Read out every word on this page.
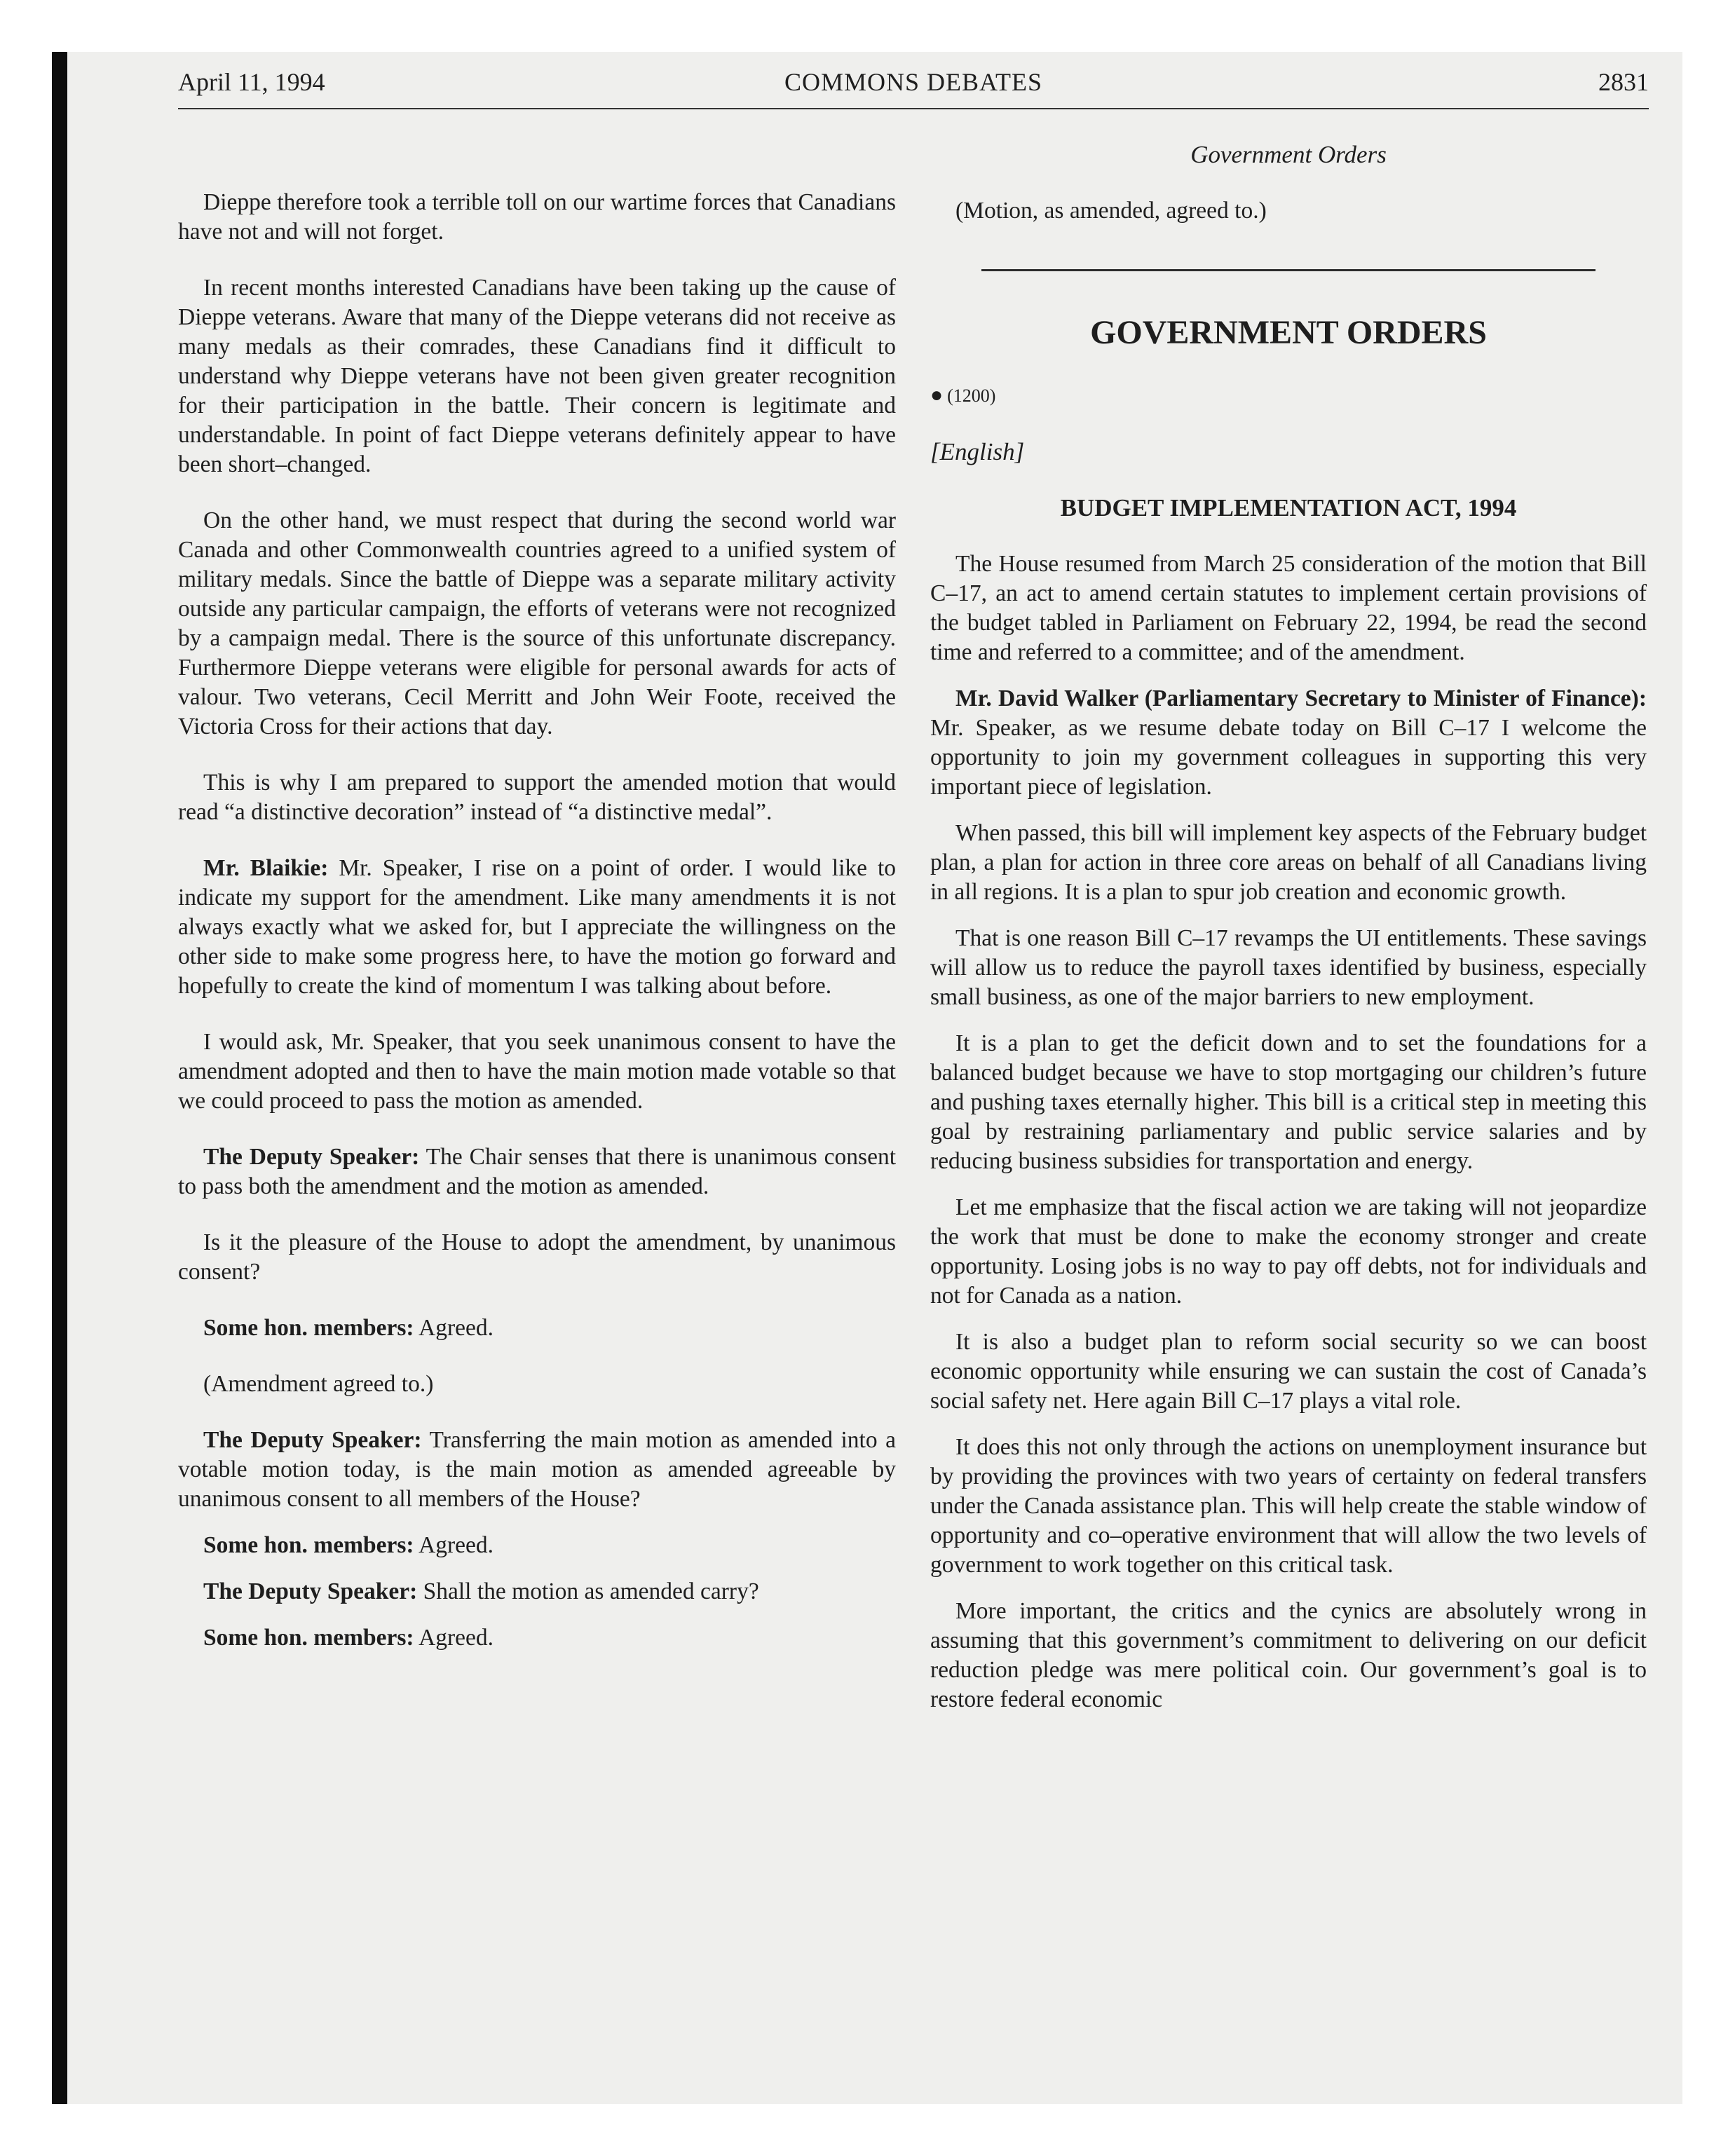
April 11, 1994	COMMONS DEBATES	2831

Dieppe therefore took a terrible toll on our wartime forces that Canadians have not and will not forget.

In recent months interested Canadians have been taking up the cause of Dieppe veterans. Aware that many of the Dieppe veterans did not receive as many medals as their comrades, these Canadians find it difficult to understand why Dieppe veterans have not been given greater recognition for their participation in the battle. Their concern is legitimate and understandable. In point of fact Dieppe veterans definitely appear to have been short–changed.

On the other hand, we must respect that during the second world war Canada and other Commonwealth countries agreed to a unified system of military medals. Since the battle of Dieppe was a separate military activity outside any particular campaign, the efforts of veterans were not recognized by a campaign medal. There is the source of this unfortunate discrepancy. Furthermore Dieppe veterans were eligible for personal awards for acts of valour. Two veterans, Cecil Merritt and John Weir Foote, received the Victoria Cross for their actions that day.

This is why I am prepared to support the amended motion that would read “a distinctive decoration” instead of “a distinctive medal”.

Mr. Blaikie: Mr. Speaker, I rise on a point of order. I would like to indicate my support for the amendment. Like many amendments it is not always exactly what we asked for, but I appreciate the willingness on the other side to make some progress here, to have the motion go forward and hopefully to create the kind of momentum I was talking about before.

I would ask, Mr. Speaker, that you seek unanimous consent to have the amendment adopted and then to have the main motion made votable so that we could proceed to pass the motion as amended.

The Deputy Speaker: The Chair senses that there is unanimous consent to pass both the amendment and the motion as amended.

Is it the pleasure of the House to adopt the amendment, by unanimous consent?

Some hon. members: Agreed.

(Amendment agreed to.)

The Deputy Speaker: Transferring the main motion as amended into a votable motion today, is the main motion as amended agreeable by unanimous consent to all members of the House?

Some hon. members: Agreed.

The Deputy Speaker: Shall the motion as amended carry?

Some hon. members: Agreed.

Government Orders

(Motion, as amended, agreed to.)

GOVERNMENT ORDERS

● (1200)

[English]

BUDGET IMPLEMENTATION ACT, 1994

The House resumed from March 25 consideration of the motion that Bill C–17, an act to amend certain statutes to implement certain provisions of the budget tabled in Parliament on February 22, 1994, be read the second time and referred to a committee; and of the amendment.

Mr. David Walker (Parliamentary Secretary to Minister of Finance): Mr. Speaker, as we resume debate today on Bill C–17 I welcome the opportunity to join my government colleagues in supporting this very important piece of legislation.

When passed, this bill will implement key aspects of the February budget plan, a plan for action in three core areas on behalf of all Canadians living in all regions. It is a plan to spur job creation and economic growth.

That is one reason Bill C–17 revamps the UI entitlements. These savings will allow us to reduce the payroll taxes identified by business, especially small business, as one of the major barriers to new employment.

It is a plan to get the deficit down and to set the foundations for a balanced budget because we have to stop mortgaging our children’s future and pushing taxes eternally higher. This bill is a critical step in meeting this goal by restraining parliamentary and public service salaries and by reducing business subsidies for transportation and energy.

Let me emphasize that the fiscal action we are taking will not jeopardize the work that must be done to make the economy stronger and create opportunity. Losing jobs is no way to pay off debts, not for individuals and not for Canada as a nation.

It is also a budget plan to reform social security so we can boost economic opportunity while ensuring we can sustain the cost of Canada’s social safety net. Here again Bill C–17 plays a vital role.

It does this not only through the actions on unemployment insurance but by providing the provinces with two years of certainty on federal transfers under the Canada assistance plan. This will help create the stable window of opportunity and co–operative environment that will allow the two levels of government to work together on this critical task.

More important, the critics and the cynics are absolutely wrong in assuming that this government’s commitment to delivering on our deficit reduction pledge was mere political coin. Our government’s goal is to restore federal economic
